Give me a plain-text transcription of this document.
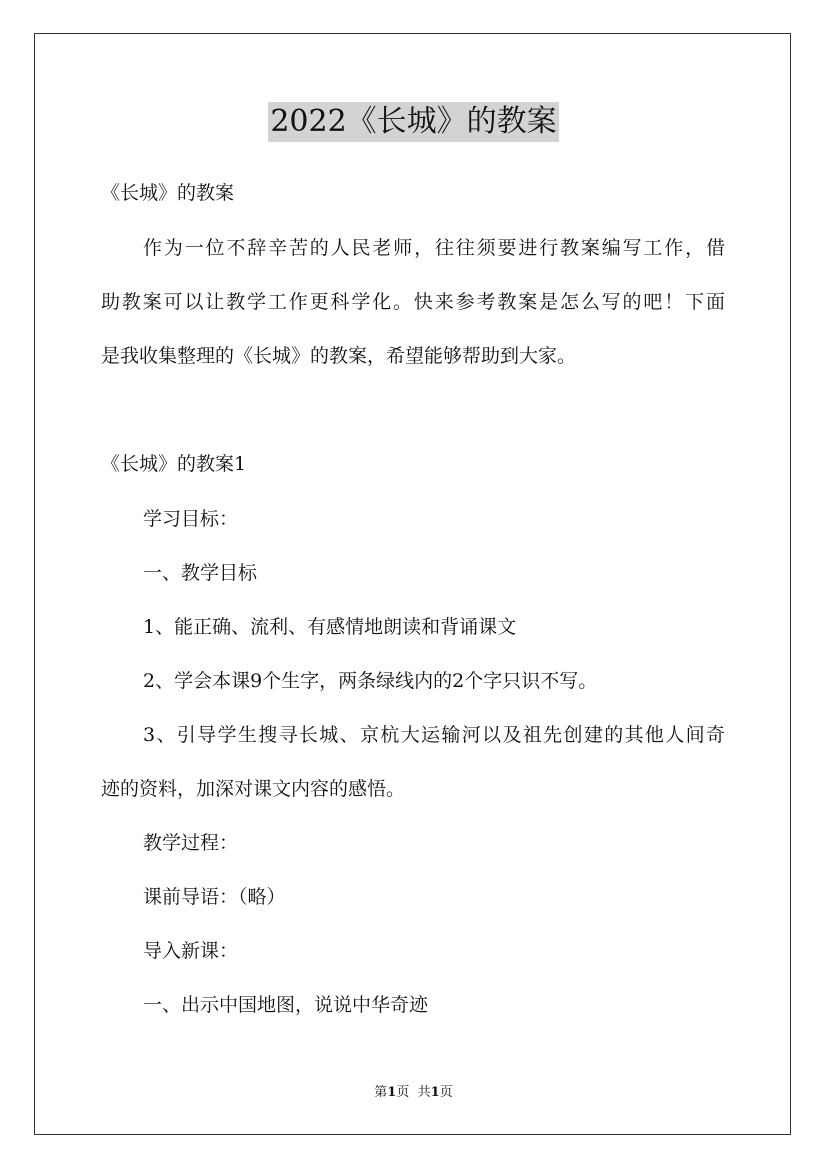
2022《长城》的教案
《长城》的教案
作为一位不辞辛苦的人民老师，往往须要进行教案编写工作，借
助教案可以让教学工作更科学化。快来参考教案是怎么写的吧！下面
是我收集整理的《长城》的教案，希望能够帮助到大家。
《长城》的教案1
学习目标：
一、教学目标
1、能正确、流利、有感情地朗读和背诵课文
2、学会本课9个生字，两条绿线内的2个字只识不写。
3、引导学生搜寻长城、京杭大运输河以及祖先创建的其他人间奇
迹的资料，加深对课文内容的感悟。
教学过程：
课前导语：（略）
导入新课：
一、出示中国地图，说说中华奇迹
第1页 共1页
